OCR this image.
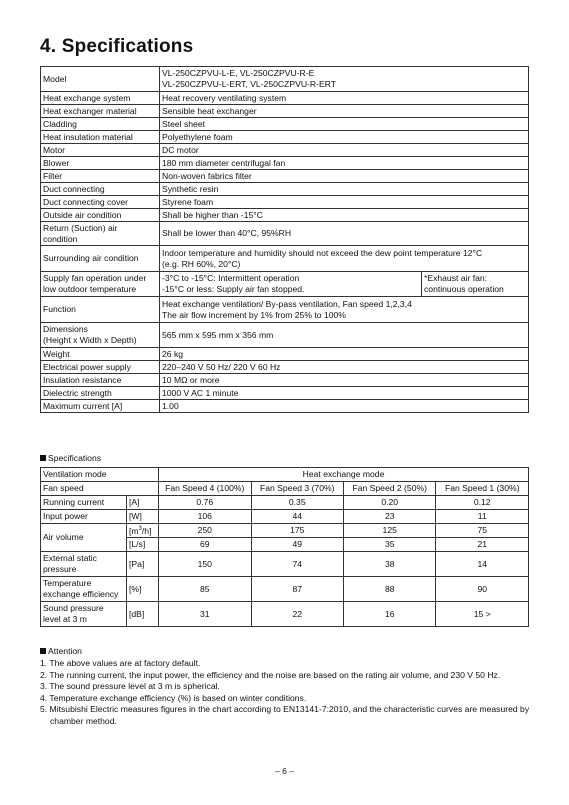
4. Specifications
Model	VL-250CZPVU-L-E, VL-250CZPVU-R-E
VL-250CZPVU-L-ERT, VL-250CZPVU-R-ERT	
Heat exchange system	Heat recovery ventilating system	
Heat exchanger material	Sensible heat exchanger	
Cladding	Steel sheet	
Heat insulation material	Polyethylene foam	
Motor	DC motor	
Blower	180 mm diameter centrifugal fan	
Filter	Non-woven fabrics filter	
Duct connecting	Synthetic resin	
Duct connecting cover	Styrene foam	
Outside air condition	Shall be higher than -15°C	
Return (Suction) air
condition	Shall be lower than 40°C, 95%RH	
Surrounding air condition	Indoor temperature and humidity should not exceed the dew point temperature 12°C
(e.g. RH 60%, 20°C)	
Supply fan operation under
low outdoor temperature	-3°C to -15°C: Intermittent operation
-15°C or less: Supply air fan stopped.	*Exhaust air fan:
continuous operation
Function	Heat exchange ventilation/ By-pass ventilation, Fan speed 1,2,3,4
The air flow increment by 1% from 25% to 100%	
Dimensions
(Height x Width x Depth)	565 mm x 595 mm x 356 mm	
Weight	26 kg	
Electrical power supply	220–240 V 50 Hz/ 220 V 60 Hz	
Insulation resistance	10 MΩ or more	
Dielectric strength	1000 V AC 1 minute	
Maximum current [A]	1.00	
Specifications
Ventilation mode		Heat exchange mode			
Fan speed		Fan Speed 4 (100%)	Fan Speed 3 (70%)	Fan Speed 2 (50%)	Fan Speed 1 (30%)
Running current	[A]	0.76	0.35	0.20	0.12
Input power	[W]	106	44	23	11
Air volume	$[m^3/h]$	250	175	125	75
	[L/s]	69	49	35	21
External static
pressure	[Pa]	150	74	38	14
Temperature
exchange efficiency	[%]	85	87	88	90
Sound pressure
level at 3 m	[dB]	31	22	16	15 >
Attention
1. The above values are at factory default.
2. The running current, the input power, the efficiency and the noise are based on the rating air volume, and 230 V 50 Hz.
3. The sound pressure level at 3 m is spherical.
4. Temperature exchange efficiency (%) is based on winter conditions.
5. Mitsubishi Electric measures figures in the chart according to EN13141-7:2010, and the characteristic curves are measured by chamber method.
– 6 –
